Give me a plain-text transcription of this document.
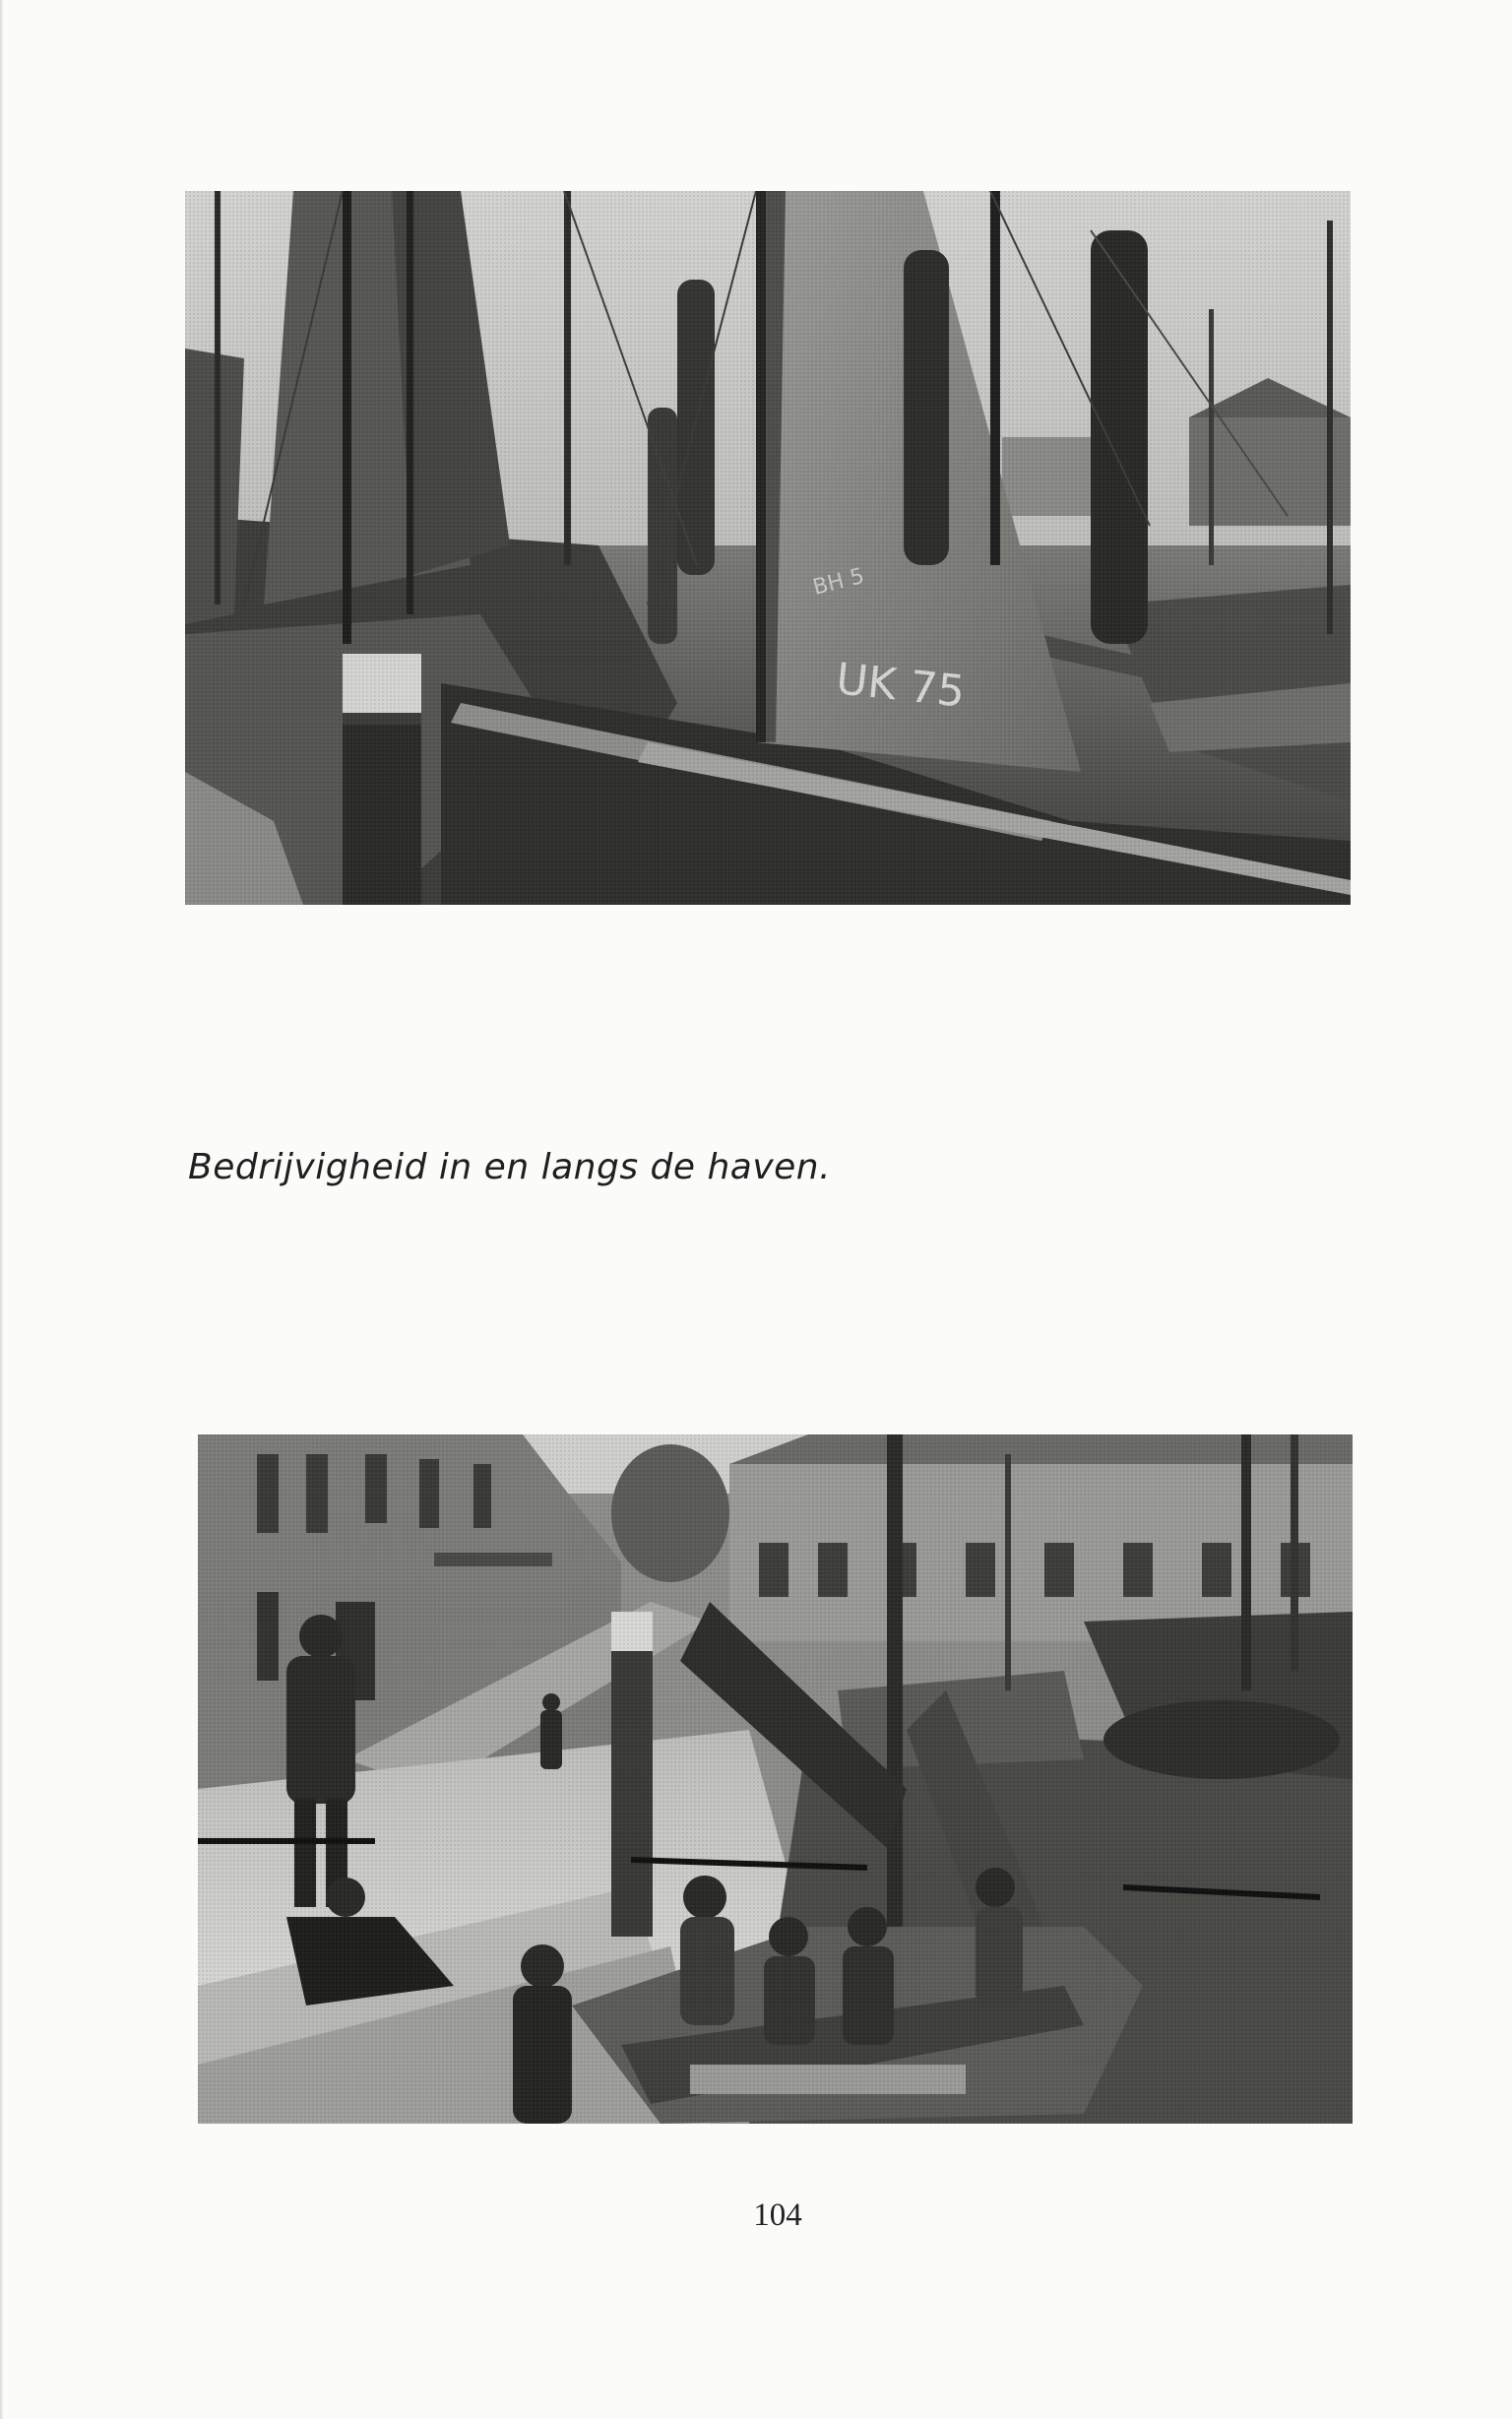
Bedrijvigheid in en langs de haven.
104
